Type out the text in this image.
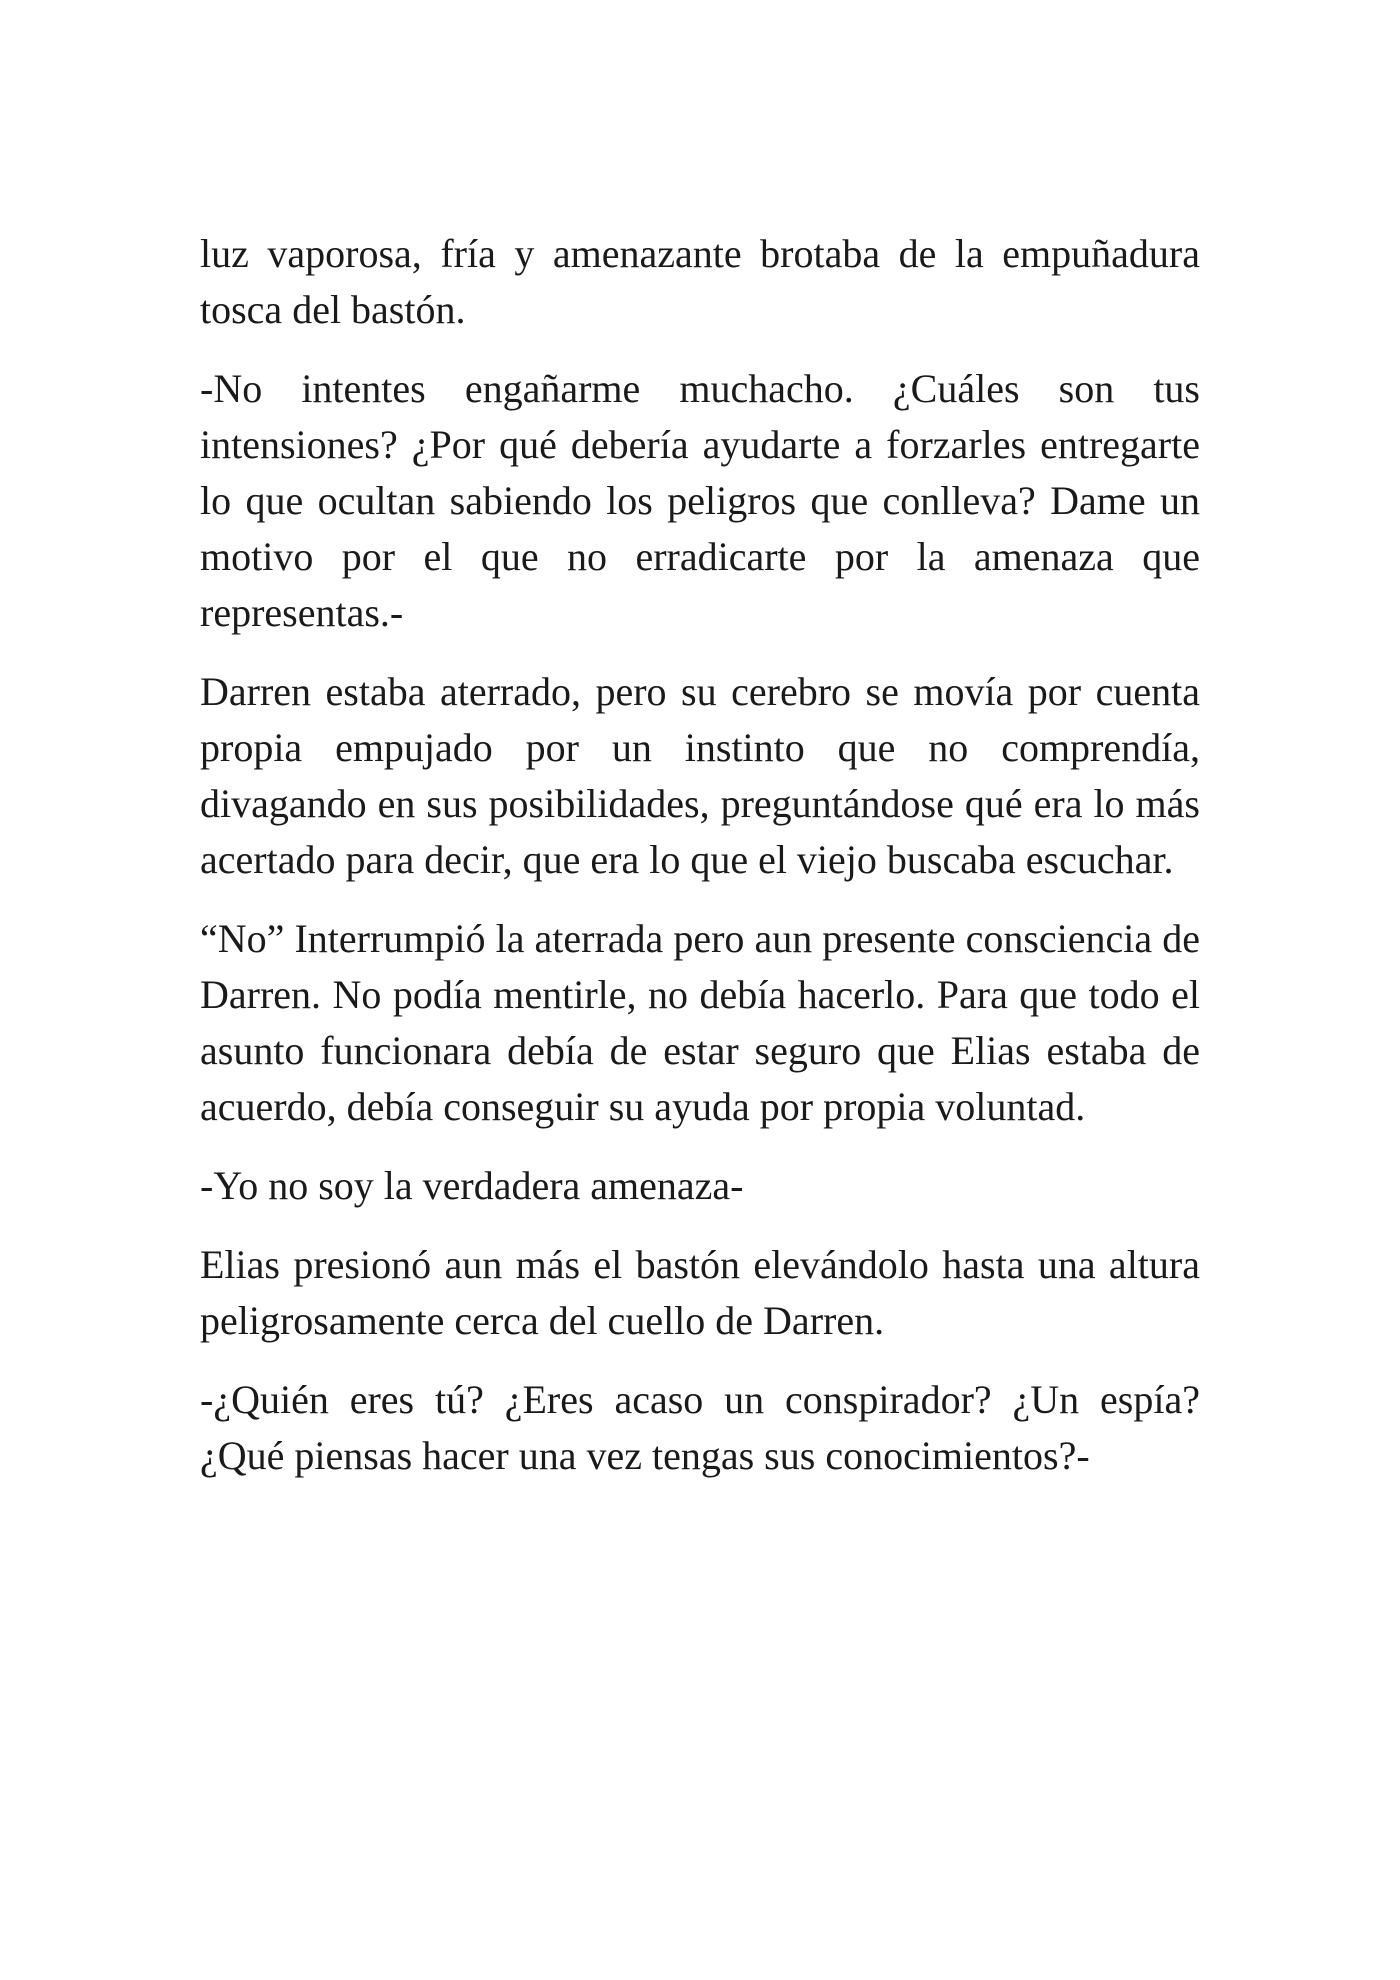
luz vaporosa, fría y amenazante brotaba de la empuñadura tosca del bastón.

-No intentes engañarme muchacho. ¿Cuáles son tus intensiones? ¿Por qué debería ayudarte a forzarles entregarte lo que ocultan sabiendo los peligros que conlleva? Dame un motivo por el que no erradicarte por la amenaza que representas.-

Darren estaba aterrado, pero su cerebro se movía por cuenta propia empujado por un instinto que no comprendía, divagando en sus posibilidades, preguntándose qué era lo más acertado para decir, que era lo que el viejo buscaba escuchar.

“No” Interrumpió la aterrada pero aun presente consciencia de Darren. No podía mentirle, no debía hacerlo. Para que todo el asunto funcionara debía de estar seguro que Elias estaba de acuerdo, debía conseguir su ayuda por propia voluntad.

-Yo no soy la verdadera amenaza-

Elias presionó aun más el bastón elevándolo hasta una altura peligrosamente cerca del cuello de Darren.

-¿Quién eres tú? ¿Eres acaso un conspirador? ¿Un espía? ¿Qué piensas hacer una vez tengas sus conocimientos?-
